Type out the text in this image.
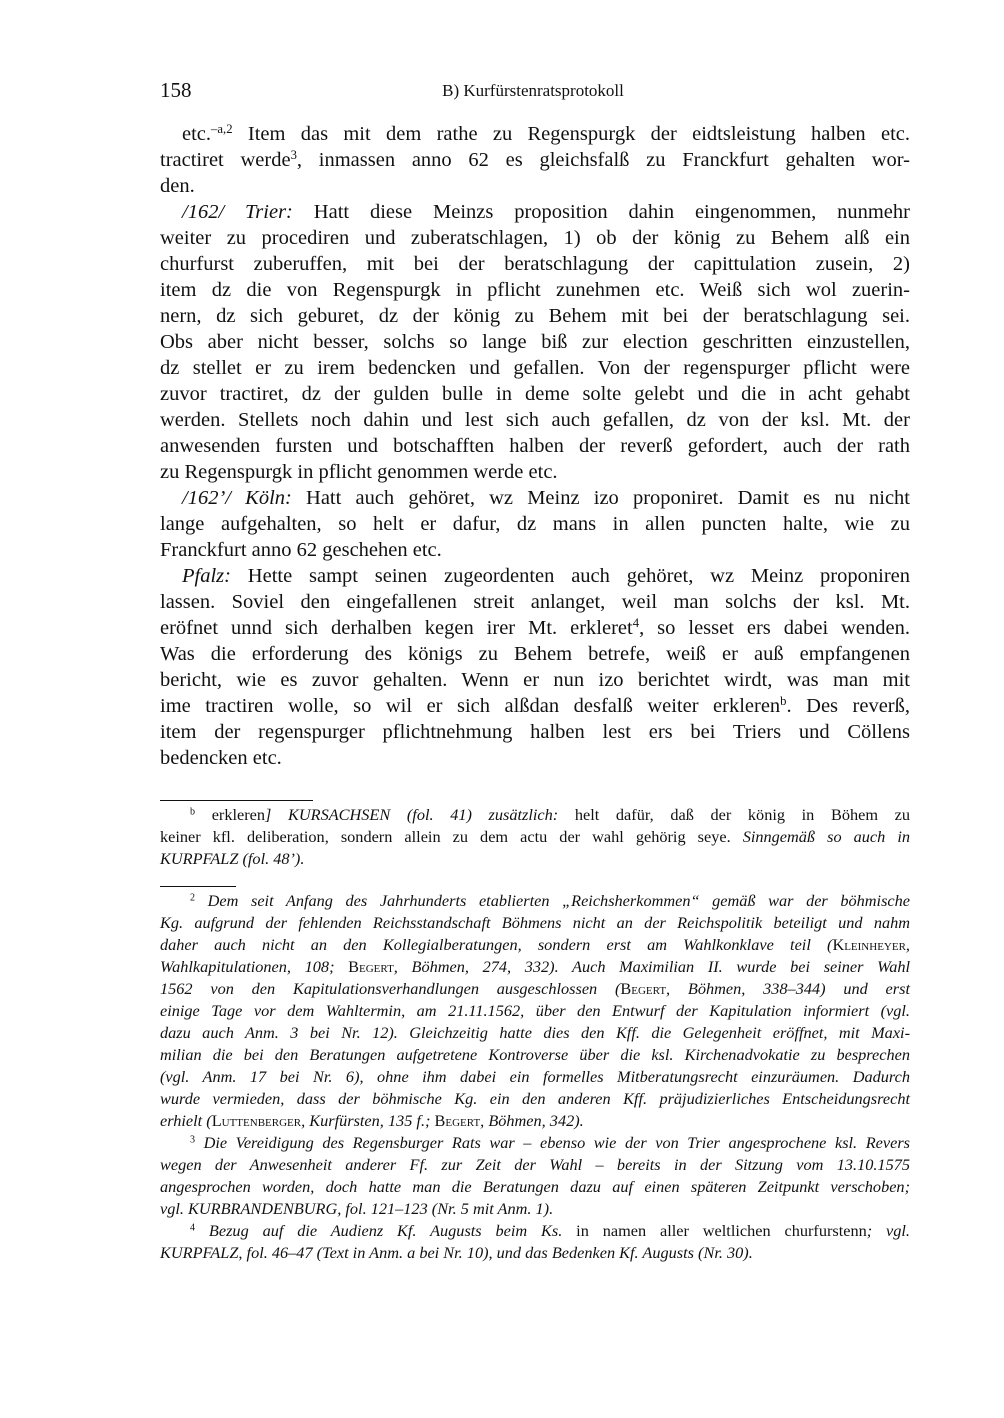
158	B) Kurfürstenratsprotokoll
etc.$^{-a,2}$ Item das mit dem rathe zu Regenspurgk der eidtsleistung halben etc.
tractiret werde$^3$, inmassen anno 62 es gleichsfalß zu Franckfurt gehalten wor-
den.
/162/ Trier: Hatt diese Meinzs proposition dahin eingenommen, nunmehr
weiter zu procediren und zuberatschlagen, 1) ob der könig zu Behem alß ein
churfurst zuberuffen, mit bei der beratschlagung der capittulation zusein, 2)
item dz die von Regenspurgk in pflicht zunehmen etc. Weiß sich wol zuerin-
nern, dz sich geburet, dz der könig zu Behem mit bei der beratschlagung sei.
Obs aber nicht besser, solchs so lange biß zur election geschritten einzustellen,
dz stellet er zu irem bedencken und gefallen. Von der regenspurger pflicht were
zuvor tractiret, dz der gulden bulle in deme solte gelebt und die in acht gehabt
werden. Stellets noch dahin und lest sich auch gefallen, dz von der ksl. Mt. der
anwesenden fursten und botschafften halben der reverß gefordert, auch der rath
zu Regenspurgk in pflicht genommen werde etc.
/162’/ Köln: Hatt auch gehöret, wz Meinz izo proponiret. Damit es nu nicht
lange aufgehalten, so helt er dafur, dz mans in allen puncten halte, wie zu
Franckfurt anno 62 geschehen etc.
Pfalz: Hette sampt seinen zugeordenten auch gehöret, wz Meinz proponiren
lassen. Soviel den eingefallenen streit anlanget, weil man solchs der ksl. Mt.
eröfnet unnd sich derhalben kegen irer Mt. erkleret$^4$, so lesset ers dabei wenden.
Was die erforderung des königs zu Behem betrefe, weiß er auß empfangenen
bericht, wie es zuvor gehalten. Wenn er nun izo berichtet wirdt, was man mit
ime tractiren wolle, so wil er sich alßdan desfalß weiter erkleren$^b$. Des reverß,
item der regenspurger pflichtnehmung halben lest ers bei Triers und Cöllens
bedencken etc.
$^b$ erkleren] KURSACHSEN (fol. 41) zusätzlich: helt dafür, daß der könig in Böhem zu
keiner kfl. deliberation, sondern allein zu dem actu der wahl gehörig seye. Sinngemäß so auch in
KURPFALZ (fol. 48’).
$^2$ Dem seit Anfang des Jahrhunderts etablierten „Reichsherkommen“ gemäß war der böhmische
Kg. aufgrund der fehlenden Reichsstandschaft Böhmens nicht an der Reichspolitik beteiligt und nahm
daher auch nicht an den Kollegialberatungen, sondern erst am Wahlkonklave teil (Kleinheyer,
Wahlkapitulationen, 108; Begert, Böhmen, 274, 332). Auch Maximilian II. wurde bei seiner Wahl
1562 von den Kapitulationsverhandlungen ausgeschlossen (Begert, Böhmen, 338–344) und erst
einige Tage vor dem Wahltermin, am 21.11.1562, über den Entwurf der Kapitulation informiert (vgl.
dazu auch Anm. 3 bei Nr. 12). Gleichzeitig hatte dies den Kff. die Gelegenheit eröffnet, mit Maxi-
milian die bei den Beratungen aufgetretene Kontroverse über die ksl. Kirchenadvokatie zu besprechen
(vgl. Anm. 17 bei Nr. 6), ohne ihm dabei ein formelles Mitberatungsrecht einzuräumen. Dadurch
wurde vermieden, dass der böhmische Kg. ein den anderen Kff. präjudizierliches Entscheidungsrecht
erhielt (Luttenberger, Kurfürsten, 135 f.; Begert, Böhmen, 342).
$^3$ Die Vereidigung des Regensburger Rats war – ebenso wie der von Trier angesprochene ksl. Revers
wegen der Anwesenheit anderer Ff. zur Zeit der Wahl – bereits in der Sitzung vom 13.10.1575
angesprochen worden, doch hatte man die Beratungen dazu auf einen späteren Zeitpunkt verschoben;
vgl. KURBRANDENBURG, fol. 121–123 (Nr. 5 mit Anm. 1).
$^4$ Bezug auf die Audienz Kf. Augusts beim Ks. in namen aller weltlichen churfurstenn; vgl.
KURPFALZ, fol. 46–47 (Text in Anm. a bei Nr. 10), und das Bedenken Kf. Augusts (Nr. 30).
